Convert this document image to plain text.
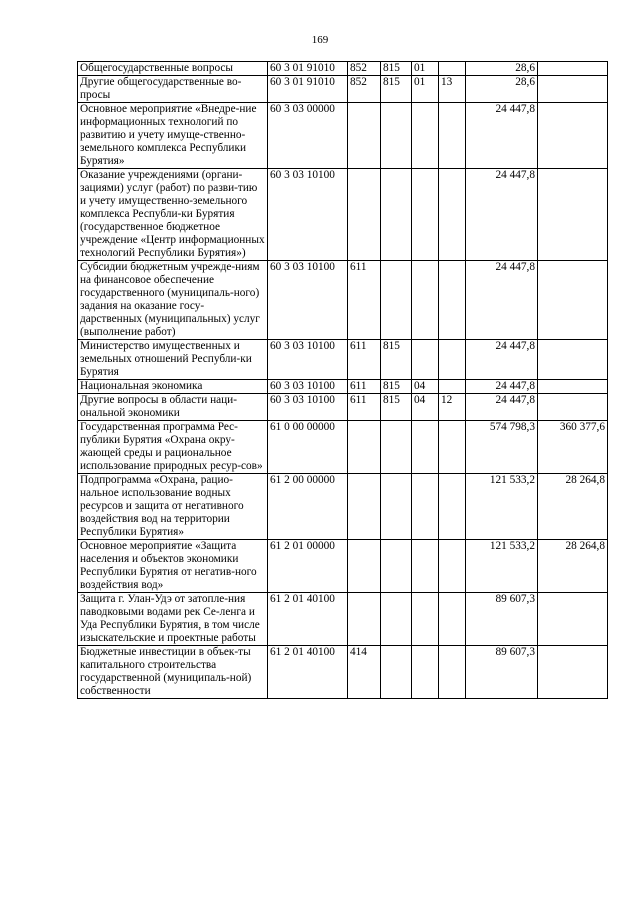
169
Общегосударственные вопросы	60 3 01 91010	852	815	01		28,6	
Другие общегосударственные во-просы	60 3 01 91010	852	815	01	13	28,6	
Основное мероприятие «Внедре-ние информационных технологий по развитию и учету имуще-ственно-земельного комплекса Республики Бурятия»	60 3 03 00000					24 447,8	
Оказание учреждениями (органи-зациями) услуг (работ) по разви-тию и учету имущественно-земельного комплекса Республи-ки Бурятия (государственное бюджетное учреждение «Центр информационных технологий Республики Бурятия»)	60 3 03 10100					24 447,8	
Субсидии бюджетным учрежде-ниям на финансовое обеспечение государственного (муниципаль-ного) задания на оказание госу-дарственных (муниципальных) услуг (выполнение работ)	60 3 03 10100	611				24 447,8	
Министерство имущественных и земельных отношений Республи-ки Бурятия	60 3 03 10100	611	815			24 447,8	
Национальная экономика	60 3 03 10100	611	815	04		24 447,8	
Другие вопросы в области наци-ональной экономики	60 3 03 10100	611	815	04	12	24 447,8	
Государственная программа Рес-публики Бурятия «Охрана окру-жающей среды и рациональное использование природных ресур-сов»	61 0 00 00000					574 798,3	360 377,6
Подпрограмма «Охрана, рацио-нальное использование водных ресурсов и защита от негативного воздействия вод на территории Республики Бурятия»	61 2 00 00000					121 533,2	28 264,8
Основное мероприятие «Защита населения и объектов экономики Республики Бурятия от негатив-ного воздействия вод»	61 2 01 00000					121 533,2	28 264,8
Защита г. Улан-Удэ от затопле-ния паводковыми водами рек Се-ленга и Уда Республики Бурятия, в том числе изыскательские и проектные работы	61 2 01 40100					89 607,3	
Бюджетные инвестиции в объек-ты капитального строительства государственной (муниципаль-ной) собственности	61 2 01 40100	414				89 607,3	
